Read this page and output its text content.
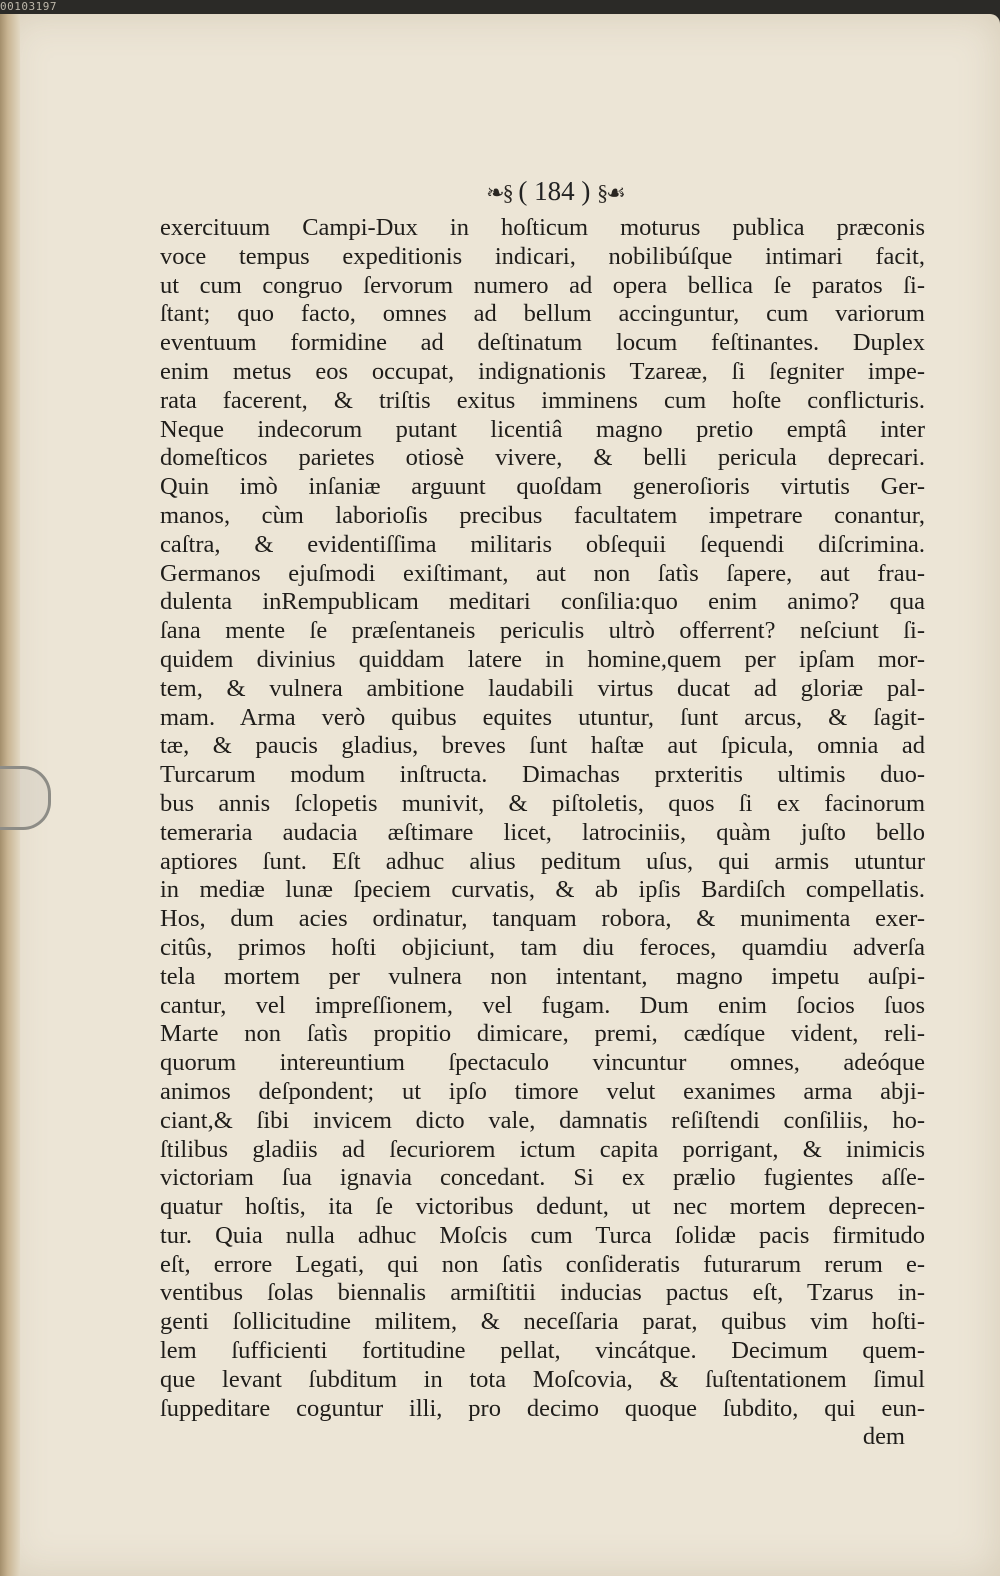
00103197
❧§ ( 184 ) §☙
exercituum Campi-Dux in hoſticum moturus publica præconis
voce tempus expeditionis indicari, nobilibúſque intimari facit,
ut cum congruo ſervorum numero ad opera bellica ſe paratos ſi-
ſtant; quo facto, omnes ad bellum accinguntur, cum variorum
eventuum formidine ad deſtinatum locum feſtinantes. Duplex
enim metus eos occupat, indignationis Tzareæ, ſi ſegniter impe-
rata facerent, & triſtis exitus imminens cum hoſte conflicturis.
Neque indecorum putant licentiâ magno pretio emptâ inter
domeſticos parietes otiosè vivere, & belli pericula deprecari.
Quin imò inſaniæ arguunt quoſdam generoſioris virtutis Ger-
manos, cùm laborioſis precibus facultatem impetrare conantur,
caſtra, & evidentiſſima militaris obſequii ſequendi diſcrimina.
Germanos ejuſmodi exiſtimant, aut non ſatìs ſapere, aut frau-
dulenta inRempublicam meditari conſilia:quo enim animo? qua
ſana mente ſe præſentaneis periculis ultrò offerrent? neſciunt ſi-
quidem divinius quiddam latere in homine,quem per ipſam mor-
tem, & vulnera ambitione laudabili virtus ducat ad gloriæ pal-
mam. Arma verò quibus equites utuntur, ſunt arcus, & ſagit-
tæ, & paucis gladius, breves ſunt haſtæ aut ſpicula, omnia ad
Turcarum modum inſtructa. Dimachas prxteritis ultimis duo-
bus annis ſclopetis munivit, & piſtoletis, quos ſi ex facinorum
temeraria audacia æſtimare licet, latrociniis, quàm juſto bello
aptiores ſunt. Eſt adhuc alius peditum uſus, qui armis utuntur
in mediæ lunæ ſpeciem curvatis, & ab ipſis Bardiſch compellatis.
Hos, dum acies ordinatur, tanquam robora, & munimenta exer-
citûs, primos hoſti objiciunt, tam diu feroces, quamdiu adverſa
tela mortem per vulnera non intentant, magno impetu auſpi-
cantur, vel impreſſionem, vel fugam. Dum enim ſocios ſuos
Marte non ſatìs propitio dimicare, premi, cædíque vident, reli-
quorum intereuntium ſpectaculo vincuntur omnes, adeóque
animos deſpondent; ut ipſo timore velut exanimes arma abji-
ciant,& ſibi invicem dicto vale, damnatis reſiſtendi conſiliis, ho-
ſtilibus gladiis ad ſecuriorem ictum capita porrigant, & inimicis
victoriam ſua ignavia concedant. Si ex prælio fugientes aſſe-
quatur hoſtis, ita ſe victoribus dedunt, ut nec mortem deprecen-
tur. Quia nulla adhuc Moſcis cum Turca ſolidæ pacis firmitudo
eſt, errore Legati, qui non ſatìs conſideratis futurarum rerum e-
ventibus ſolas biennalis armiſtitii inducias pactus eſt, Tzarus in-
genti ſollicitudine militem, & neceſſaria parat, quibus vim hoſti-
lem ſufficienti fortitudine pellat, vincátque. Decimum quem-
que levant ſubditum in tota Moſcovia, & ſuſtentationem ſimul
ſuppeditare coguntur illi, pro decimo quoque ſubdito, qui eun-
dem
